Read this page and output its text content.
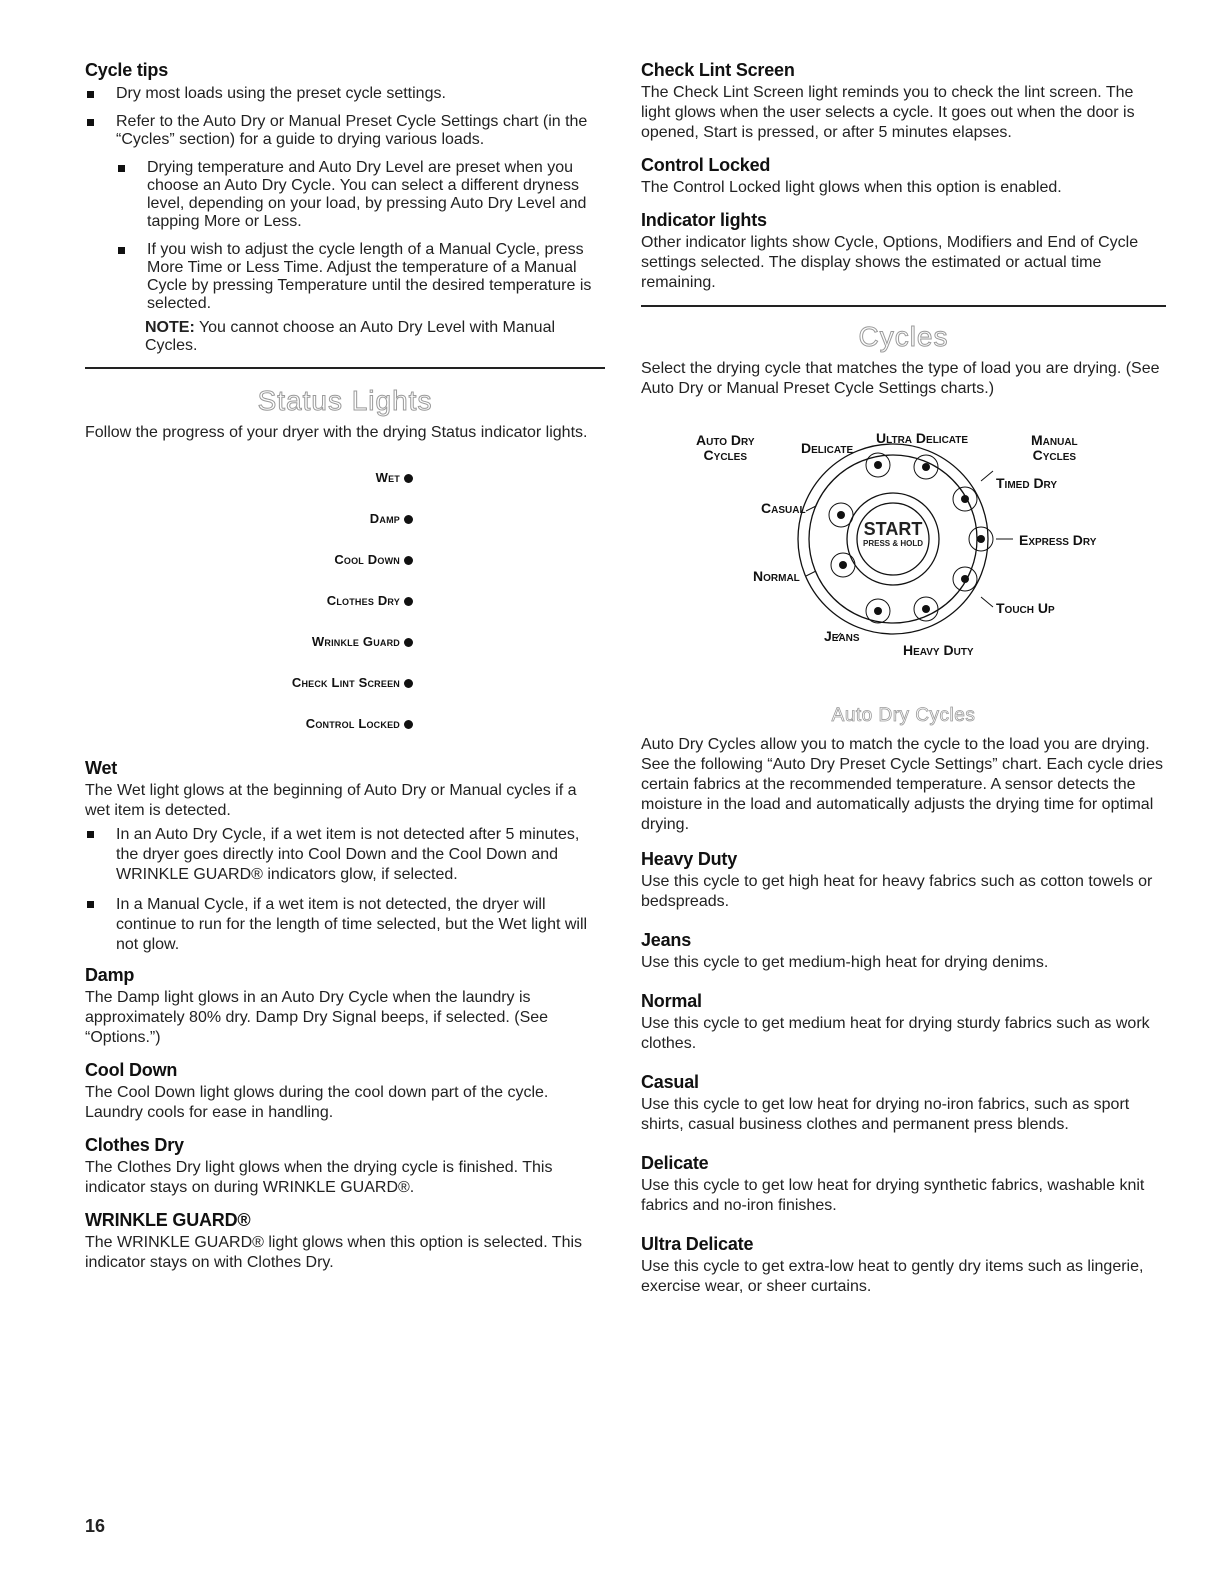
Cycle tips
Dry most loads using the preset cycle settings.
Refer to the Auto Dry or Manual Preset Cycle Settings chart (in the “Cycles” section) for a guide to drying various loads.
Drying temperature and Auto Dry Level are preset when you choose an Auto Dry Cycle. You can select a different dryness level, depending on your load, by pressing Auto Dry Level and tapping More or Less.
If you wish to adjust the cycle length of a Manual Cycle, press More Time or Less Time. Adjust the temperature of a Manual Cycle by pressing Temperature until the desired temperature is selected.
NOTE: You cannot choose an Auto Dry Level with Manual Cycles.
Status Lights

Follow the progress of your dryer with the drying Status indicator lights.

Wet
Damp
Cool Down
Clothes Dry
Wrinkle Guard
Check Lint Screen
Control Locked
Wet

The Wet light glows at the beginning of Auto Dry or Manual cycles if a wet item is detected.

In an Auto Dry Cycle, if a wet item is not detected after 5 minutes, the dryer goes directly into Cool Down and the Cool Down and WRINKLE GUARD® indicators glow, if selected.
In a Manual Cycle, if a wet item is not detected, the dryer will continue to run for the length of time selected, but the Wet light will not glow.
Damp

The Damp light glows in an Auto Dry Cycle when the laundry is approximately 80% dry. Damp Dry Signal beeps, if selected. (See “Options.”)

Cool Down

The Cool Down light glows during the cool down part of the cycle. Laundry cools for ease in handling.

Clothes Dry

The Clothes Dry light glows when the drying cycle is finished. This indicator stays on during WRINKLE GUARD®.

WRINKLE GUARD®

The WRINKLE GUARD® light glows when this option is selected. This indicator stays on with Clothes Dry.

Check Lint Screen

The Check Lint Screen light reminds you to check the lint screen. The light glows when the user selects a cycle. It goes out when the door is opened, Start is pressed, or after 5 minutes elapses.

Control Locked

The Control Locked light glows when this option is enabled.

Indicator lights

Other indicator lights show Cycle, Options, Modifiers and End of Cycle settings selected. The display shows the estimated or actual time remaining.

Cycles

Select the drying cycle that matches the type of load you are drying. (See Auto Dry or Manual Preset Cycle Settings charts.)

Auto Dry
Cycles	Delicate
Ultra Delicate	Manual
Cycles
Timed Dry
Casual
Express Dry
Normal
Touch Up
Jeans
Heavy Duty
START
PRESS & HOLD
Auto Dry Cycles

Auto Dry Cycles allow you to match the cycle to the load you are drying. See the following “Auto Dry Preset Cycle Settings” chart. Each cycle dries certain fabrics at the recommended temperature. A sensor detects the moisture in the load and automatically adjusts the drying time for optimal drying.

Heavy Duty

Use this cycle to get high heat for heavy fabrics such as cotton towels or bedspreads.

Jeans

Use this cycle to get medium-high heat for drying denims.

Normal

Use this cycle to get medium heat for drying sturdy fabrics such as work clothes.

Casual

Use this cycle to get low heat for drying no-iron fabrics, such as sport shirts, casual business clothes and permanent press blends.

Delicate

Use this cycle to get low heat for drying synthetic fabrics, washable knit fabrics and no-iron finishes.

Ultra Delicate

Use this cycle to get extra-low heat to gently dry items such as lingerie, exercise wear, or sheer curtains.

16
